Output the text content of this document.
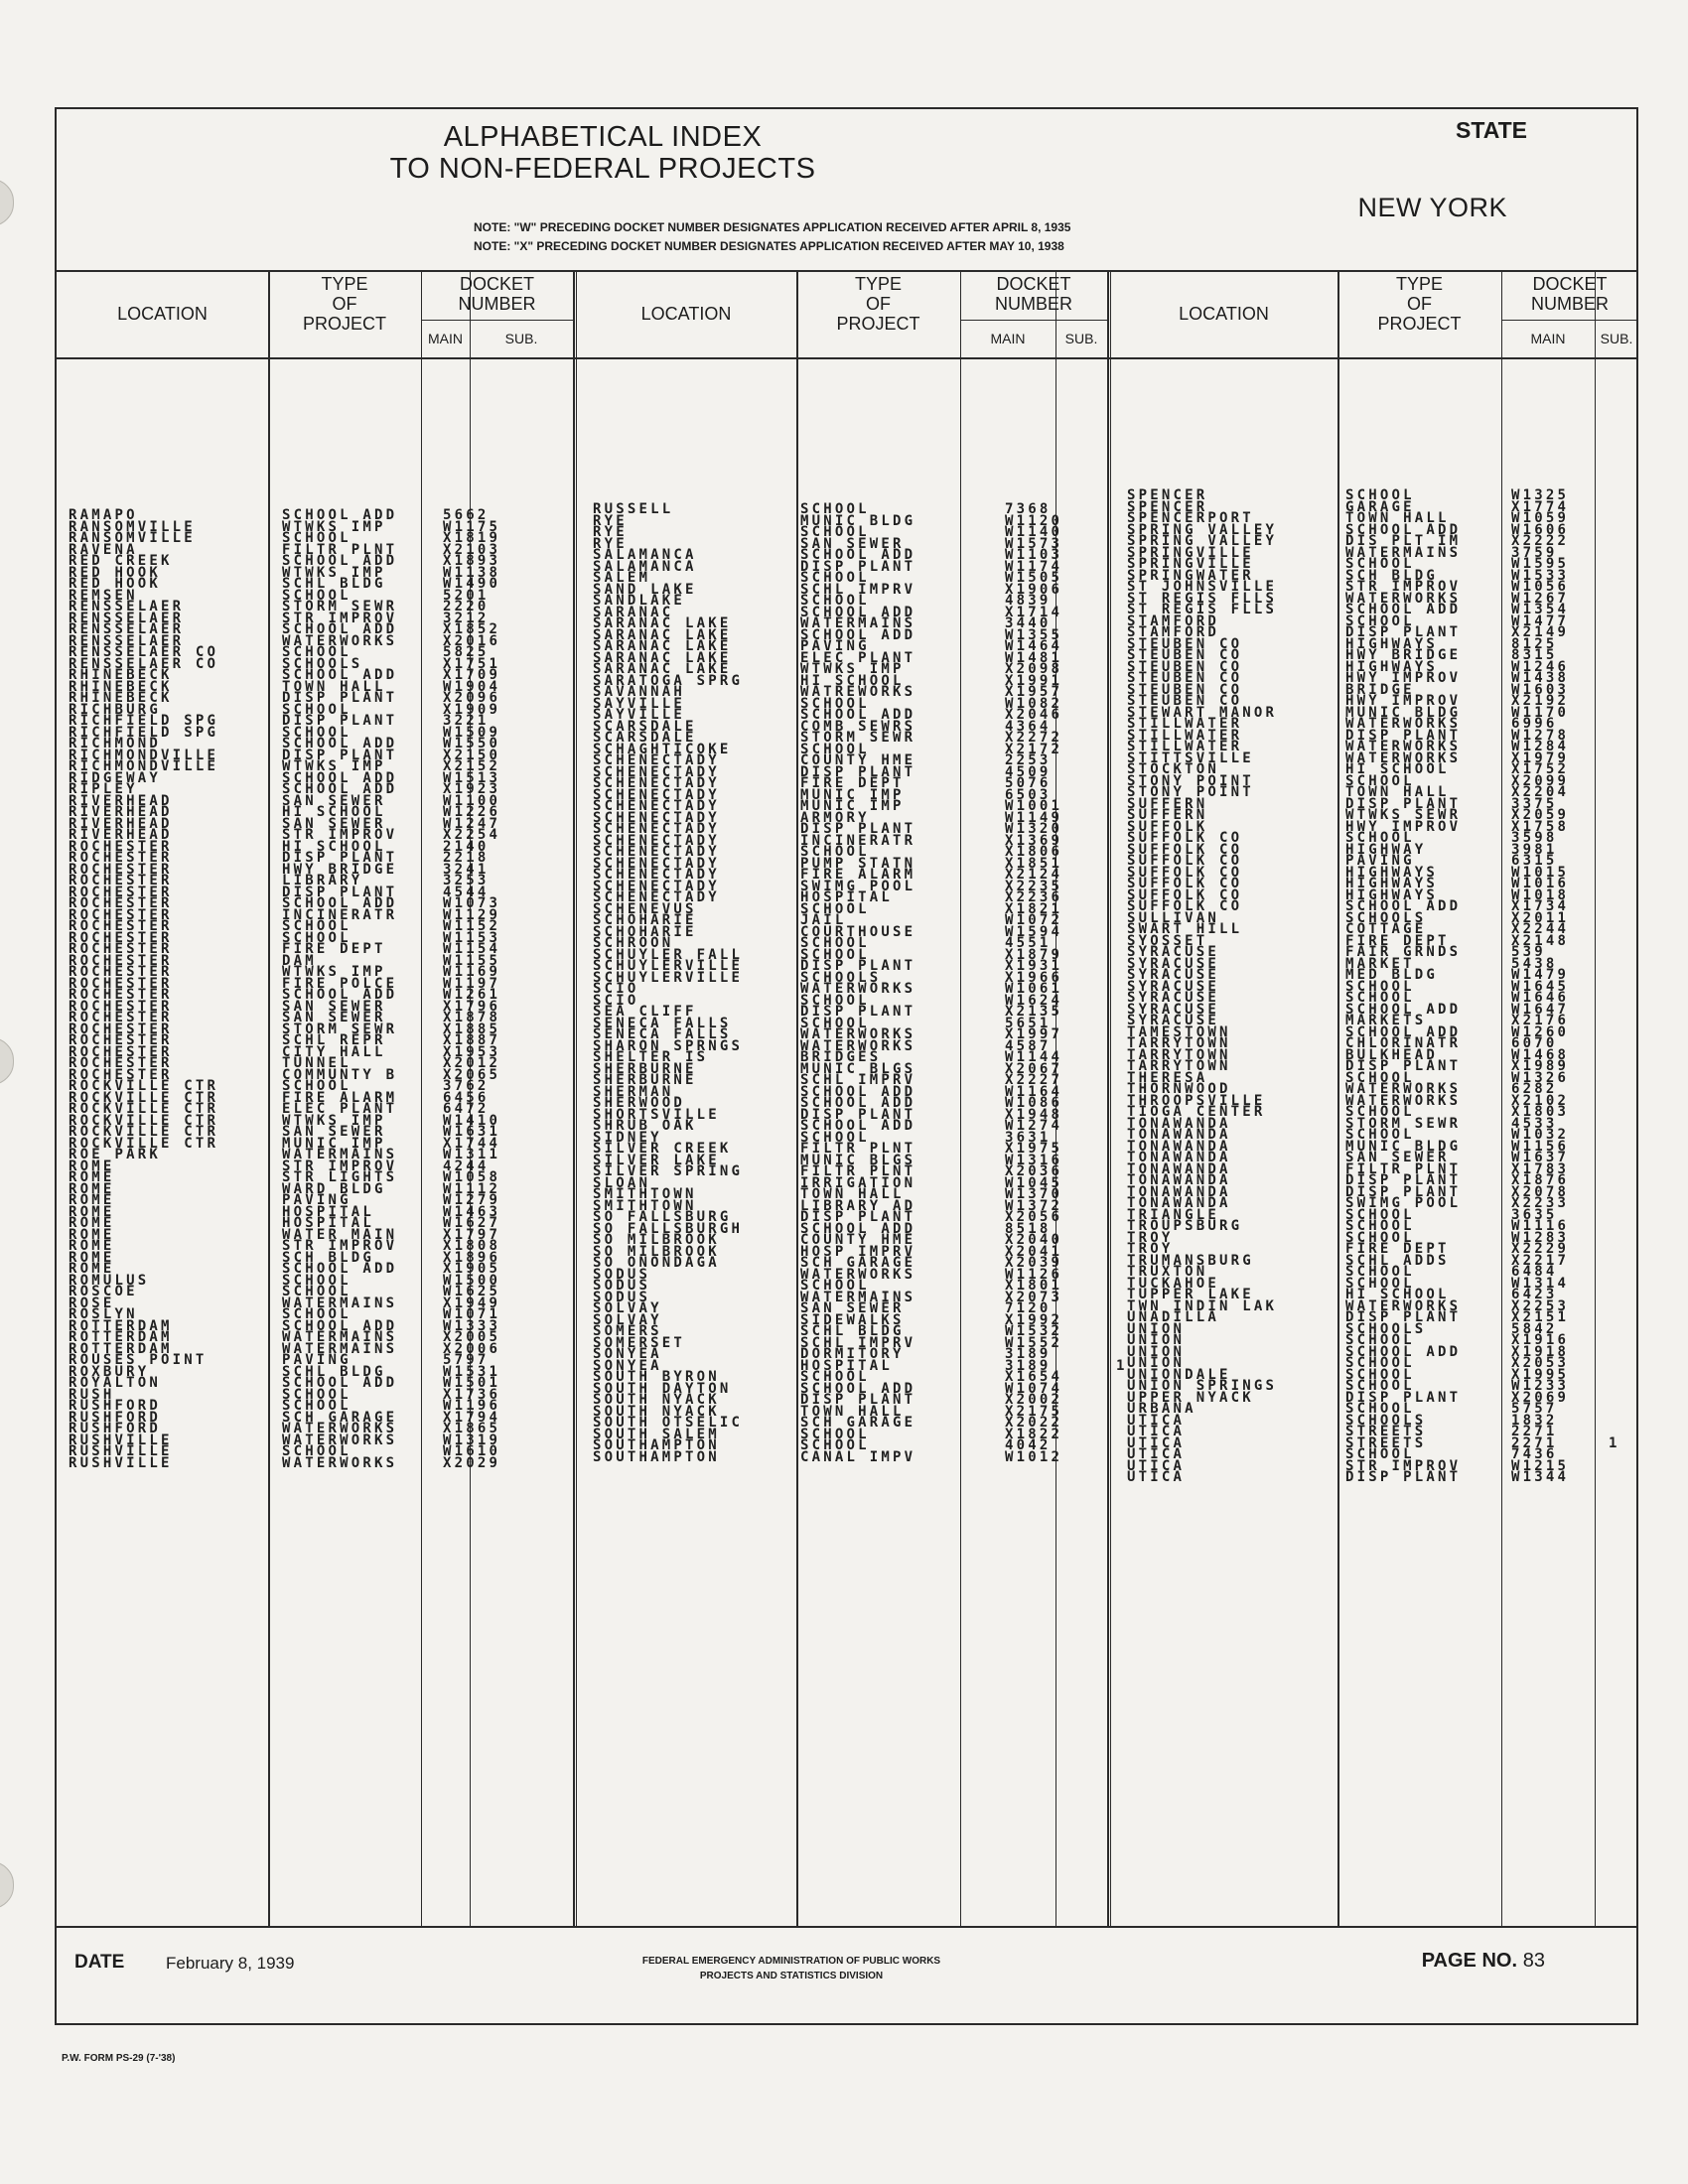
ALPHABETICAL INDEX
TO NON-FEDERAL PROJECTS
STATE
NEW YORK
NOTE: "W" PRECEDING DOCKET NUMBER DESIGNATES APPLICATION RECEIVED AFTER APRIL 8, 1935
NOTE: "X" PRECEDING DOCKET NUMBER DESIGNATES APPLICATION RECEIVED AFTER MAY 10, 1938
LOCATION
TYPE
OF
PROJECT
DOCKET
NUMBER
MAIN	SUB.
LOCATION
TYPE
OF
PROJECT
DOCKET
NUMBER
MAIN	SUB.
LOCATION
TYPE
OF
PROJECT
DOCKET
NUMBER
MAIN	SUB.
RAMAPO	SCHOOL ADD	5662
RANSOMVILLE	WTWKS IMP	W1175
RANSOMVILLE	SCHOOL	X1819
RAVENA	FILTR PLNT	X2103
RED CREEK	SCHOOL ADD	X1893
RED HOOK	WTWKS IMP	W1138
RED HOOK	SCHL BLDG	W1490
REMSEN	SCHOOL	5201
RENSSELAER	STORM SEWR	2220
RENSSELAER	STR IMPROV	3212
RENSSELAER	SCHOOL ADD	X1852
RENSSELAER	WATERWORKS	X2016
RENSSELAER CO	SCHOOL	5825
RENSSELAER CO	SCHOOLS	X1751
RHINEBECK	SCHOOL ADD	X1709
RHINEBECK	TOWN HALL	W1904
RHINEBECK	DISP PLANT	X2096
RICHBURG	SCHOOL	X1909
RICHFIELD SPG	DISP PLANT	3221
RICHFIELD SPG	SCHOOL	W1509
RICHMOND	SCHOOL ADD	W1550
RICHMONDVILLE	DISP PLANT	X2150
RICHMONDVILLE	WTWKS IMP	X2152
RIDGEWAY	SCHOOL ADD	W1513
RIPLEY	SCHOOL ADD	X1923
RIVERHEAD	SAN SEWER	W1100
RIVERHEAD	HI SCHOOL	W1226
RIVERHEAD	SAN SEWER	W1247
RIVERHEAD	STR IMPROV	X2254
ROCHESTER	HI SCHOOL	2140
ROCHESTER	DISP PLANT	2218
ROCHESTER	HWY BRIDGE	3241
ROCHESTER	LIBRARY	3253
ROCHESTER	DISP PLANT	4544
ROCHESTER	SCHOOL ADD	W1073
ROCHESTER	INCINERATR	W1129
ROCHESTER	SCHOOL	W1152
ROCHESTER	SCHOOL	W1153
ROCHESTER	FIRE DEPT	W1154
ROCHESTER	DAM	W1155
ROCHESTER	WTWKS IMP	W1169
ROCHESTER	FIRE POLCE	W1197
ROCHESTER	SCHOOL ADD	W1261
ROCHESTER	SAN SEWER	X1796
ROCHESTER	SAN SEWER	X1878
ROCHESTER	STORM SEWR	X1885
ROCHESTER	SCHL REPR	X1887
ROCHESTER	CITY HALL	X1953
ROCHESTER	TUNNEL	X2012
ROCHESTER	COMMUNTY B	X2065
ROCKVILLE CTR	SCHOOL	3762
ROCKVILLE CTR	FIRE ALARM	6456
ROCKVILLE CTR	ELEC PLANT	6472
ROCKVILLE CTR	WTWKS IMP	W1410
ROCKVILLE CTR	SAN SEWER	W1631
ROCKVILLE CTR	MUNIC IMP	X1744
ROE PARK	WATERMAINS	W1311
ROME	STR IMPROV	4244
ROME	STR LIGHTS	W1058
ROME	WARD BLDG	W1112
ROME	PAVING	W1279
ROME	HOSPITAL	W1463
ROME	HOSPITAL	W1627
ROME	WATER MAIN	X1797
ROME	STR IMPROV	X1808
ROME	SCH BLDG	X1896
ROME	SCHOOL ADD	X1905
ROMULUS	SCHOOL	W1500
ROSCOE	SCHOOL	W1625
ROSE	WATERMAINS	X1949
ROSLYN	SCHOOL	W1071
ROTTERDAM	SCHOOL ADD	W1333
ROTTERDAM	WATERMAINS	X2005
ROTTERDAM	WATERMAINS	X2006
ROUSES POINT	PAVING	5797
ROXBURY	SCHL BLDG	W1531
ROYALTON	SCHOOL ADD	W1501
RUSH	SCHOOL	X1736
RUSHFORD	SCHOOL	W1196
RUSHFORD	SCH GARAGE	X1794
RUSHFORD	WATERWORKS	X1865
RUSHVILLE	WATERWORKS	W1319
RUSHVILLE	SCHOOL	W1610
RUSHVILLE	WATERWORKS	X2029
RUSSELL	SCHOOL	7368
RYE	MUNIC BLDG	W1120
RYE	SCHOOL	W1140
RYE	SAN SEWER	W1573
SALAMANCA	SCHOOL ADD	W1103
SALAMANCA	DISP PLANT	W1174
SALEM	SCHOOL	W1505
SAND LAKE	SCHL IMPRV	X1906
SANDLAKE	SCHOOL	4839
SARANAC	SCHOOL ADD	X1714
SARANAC LAKE	WATERMAINS	3440
SARANAC LAKE	SCHOOL ADD	W1355
SARANAC LAKE	PAVING	W1464
SARANAC LAKE	ELEC PLANT	W1481
SARANAC LAKE	WTWKS IMP	X2098
SARATOGA SPRG	HI SCHOOL	X1991
SAVANNAH	WATREWORKS	X1957
SAYVILLE	SCHOOL	W1082
SAYVILLE	SCHOOL ADD	X2046
SCARSDALE	COMB SEWRS	4364
SCARSDALE	STORM SEWR	X2272
SCHAGHTICOKE	SCHOOL	X2172
SCHENECTADY	COUNTY HME	2253
SCHENECTADY	DISP PLANT	4509
SCHENECTADY	FIRE DEPT	5076
SCHENECTADY	MUNIC IMP	6503
SCHENECTADY	MUNIC IMP	W1001
SCHENECTADY	ARMORY	W1149
SCHENECTADY	DISP PLANT	W1320
SCHENECTADY	INCINERATR	X1369
SCHENECTADY	SCHOOL	X1806
SCHENECTADY	PUMP STATN	X1851
SCHENECTADY	FIRE ALARM	X2124
SCHENECTADY	SWIMG POOL	X2235
SCHENECTADY	HOSPITAL	X2236
SCHENEVUS	SCHOOL	X1821
SCHOHARIE	JAIL	W1072
SCHOHARIE	COURTHOUSE	W1594
SCHROON	SCHOOL	4551
SCHUYLER FALL	SCHOOL	X1879
SCHUYLERVILLE	DISP PLANT	X1931
SCHUYLERVILLE	SCHOOLS	X1966
SCIO	WATERWORKS	W1061
SCIO	SCHOOL	W1624
SEA CLIFF	DISP PLANT	X2135
SENECA FALLS	SCHOOL	5651
SENECA FALLS	WATERWORKS	X1997
SHARON SPRNGS	WATERWORKS	4587
SHELTER IS	BRIDGES	W1144
SHERBURNE	MUNIC BLGS	X2067
SHERBURNE	SCHL IMPRV	X2227
SHERMAN	SCHOOL ADD	W1164
SHERWOOD	SCHOOL ADD	W1086
SHORTSVILLE	DISP PLANT	X1948
SHRUB OAK	SCHOOL ADD	W1274
SIDNEY	SCHOOL	3631
SILVER CREEK	FILTR PLNT	X1975
SILVER LAKE	MUNIC BLGS	W1316
SILVER SPRING	FILTR PLNT	X2036
SLOAN	IRRIGATION	W1045
SMITHTOWN	TOWN HALL	W1370
SMITHTOWN	LIBRARY AD	W1372
SO FALLSBURG	DISP PLANT	X2056
SO FALLSBURGH	SCHOOL ADD	8518
SO MILBROOK	COUNTY HME	X2040
SO MILBROOK	HOSP IMPRV	X2041
SO ONONDAGA	SCH GARAGE	X2039
SODUS	WATERWORKS	W1126
SODUS	SCHOOL	X1801
SODUS	WATERMAINS	X2073
SOLVAY	SAN SEWER	7120
SOLVAY	SIDEWALKS	X1992
SOMERS	SCHL BLDG	W1532
SOMERSET	SCHL IMPRV	W1552
SONYEA	DORMITORY	3189
SONYEA	HOSPITAL	3189	1
SOUTH BYRON	SCHOOL	X1654
SOUTH DAYTON	SCHOOL ADD	W1074
SOUTH NYACK	DISP PLANT	X2002
SOUTH NYACK	TOWN HALL	X2175
SOUTH OTSELIC	SCH GARAGE	X2022
SOUTH SALEM	SCHOOL	X1822
SOUTHAMPTON	SCHOOL	4042
SOUTHAMPTON	CANAL IMPV	W1012
SPENCER	SCHOOL	W1325
SPENCER	GARAGE	X1774
SPENCERPORT	TOWN HALL	W1059
SPRING VALLEY	SCHOOL ADD	W1606
SPRING VALLEY	DIS PLT IM	X2222
SPRINGVILLE	WATERMAINS	3759
SPRINGVILLE	SCHOOL	W1595
SPRINGWATER	SCH BLDG	W1533
ST JOHNSVILLE	STR IMPROV	W1056
ST REGIS FLLS	WATERWORKS	W1267
ST REGIS FLLS	SCHOOL ADD	W1354
STAMFORD	SCHOOL	W1477
STAMFORD	DISP PLANT	X2149
STEUBEN CO	HIGHWAYS	8125
STEUBEN CO	HWY BRIDGE	8315
STEUBEN CO	HIGHWAYS	W1246
STEUBEN CO	HWY IMPROV	W1438
STEUBEN CO	BRIDGE	W1603
STEUBEN CO	HWY IMPROV	X2192
STEWART MANOR	MUNIC BLDG	W1170
STILLWATER	WATERWORKS	6996
STILLWATER	DISP PLANT	W1278
STILLWATER	WATERWORKS	W1284
STITTSVILLE	WATERWORKS	X1979
STOCKTON	HI SCHOOL	X1752
STONY POINT	SCHOOL	X2099
STONY POINT	TOWN HALL	X2204
SUFFERN	DISP PLANT	3375
SUFFERN	WTWKS SEWR	X2059
SUFFOLK	HWY IMPROV	X1758
SUFFOLK CO	SCHOOL	3598
SUFFOLK CO	HIGHWAY	3981
SUFFOLK CO	PAVING	6315
SUFFOLK CO	HIGHWAYS	W1015
SUFFOLK CO	HIGHWAYS	W1016
SUFFOLK CO	HIGHWAYS	W1018
SUFFOLK CO	SCHOOL ADD	X1734
SULLIVAN	SCHOOLS	X2011
SWART HILL	COTTAGE	X2244
SYOSSET	FIRE DEPT	X2148
SYRACUSE	FAIR GRNDS	539
SYRACUSE	MARKET	5438
SYRACUSE	MED BLDG	W1479
SYRACUSE	SCHOOL	W1645
SYRACUSE	SCHOOL	W1646
SYRACUSE	SCHOOL ADD	W1647
SYRACUSE	MARKETS	X2176
TAMESTOWN	SCHOOL ADD	W1260
TARRYTOWN	CHLORINATR	6070
TARRYTOWN	BULKHEAD	W1468
TARRYTOWN	DISP PLANT	X1989
THERESA	SCHOOL	W1326
THORNWOOD	WATERWORKS	6282
THROOPSVILLE	WATERWORKS	X2102
TIOGA CENTER	SCHOOL	X1803
TONAWANDA	STORM SEWR	4533
TONAWANDA	SCHOOL	W1032
TONAWANDA	MUNIC BLDG	W1156
TONAWANDA	SAN SEWER	W1637
TONAWANDA	FILTR PLNT	X1783
TONAWANDA	DISP PLANT	X1876
TONAWANDA	DISP PLANT	X2078
TONAWANDA	SWIMG POOL	X2233
TRIANGLE	SCHOOL	3635
TROUPSBURG	SCHOOL	W1116
TROY	SCHOOL	W1283
TROY	FIRE DEPT	X2229
TRUMANSBURG	SCHL ADDS	X2217
TRUXTON	SCHOOL	6484
TUCKAHOE	SCHOOL	W1314
TUPPER LAKE	HI SCHOOL	6423
TWN INDIN LAK	WATERWORKS	X2253
UNADILLA	DISP PLANT	X2151
UNION	SCHOOLS	5842
UNION	SCHOOL	X1916
UNION	SCHOOL ADD	X1918
UNION	SCHOOL	X2053
UNIONDALE	SCHOOL	X1995
UNION SPRINGS	SCHOOL	W1233
UPPER NYACK	DISP PLANT	X2069
URBANA	SCHOOL	5757
UTICA	SCHOOLS	1832
UTICA	STREETS	2271
UTICA	STREETS	2271	1
UTICA	SCHOOL	7436
UTICA	STR IMPROV	W1215
UTICA	DISP PLANT	W1344
DATE February 8, 1939	FEDERAL EMERGENCY ADMINISTRATION OF PUBLIC WORKS
PROJECTS AND STATISTICS DIVISION
PAGE NO. 83
P.W. FORM PS-29 (7-'38)
